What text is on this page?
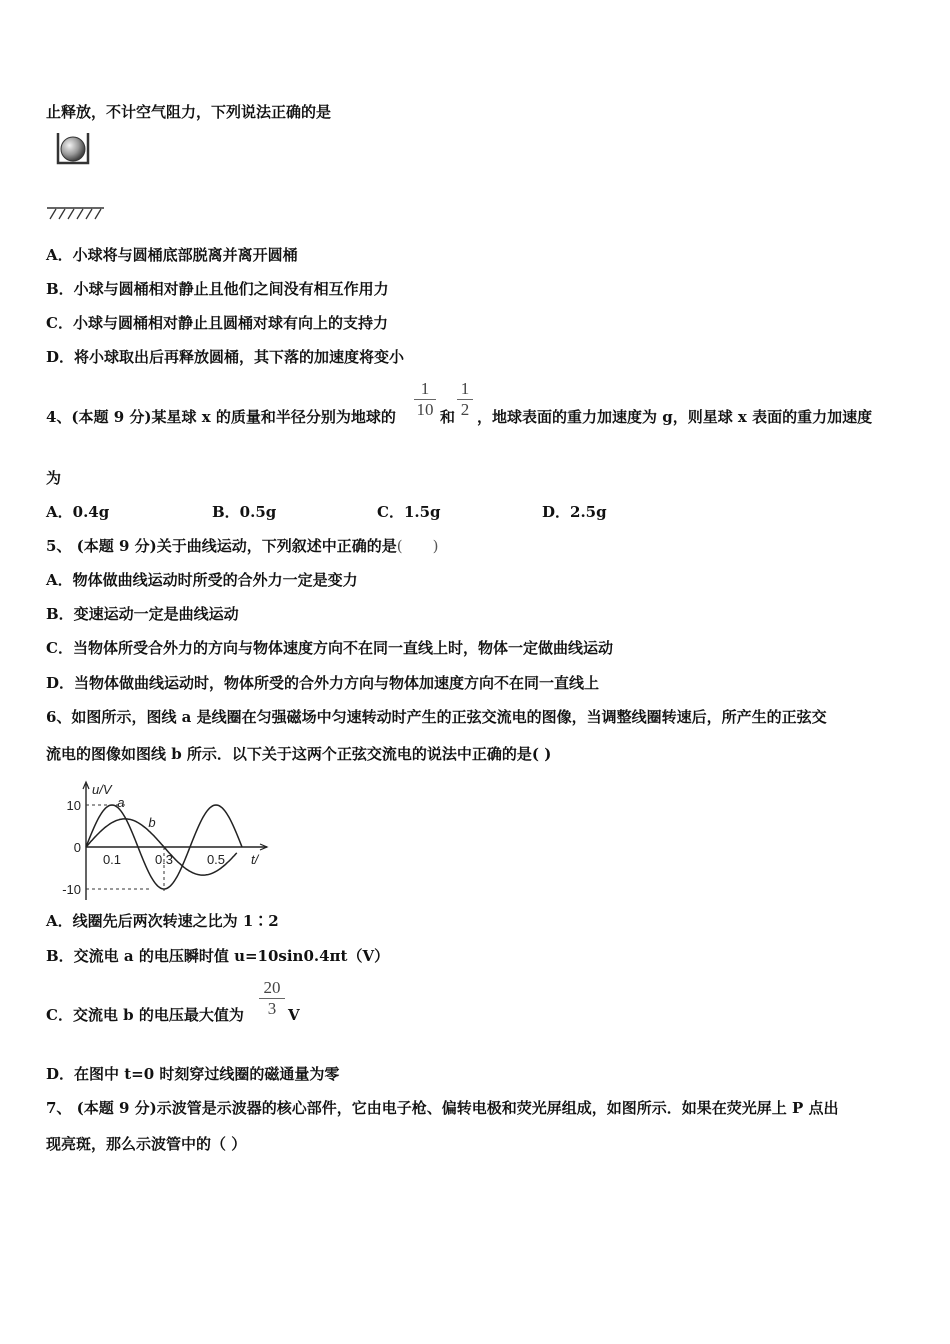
止释放，不计空气阻力，下列说法正确的是
A．小球将与圆桶底部脱离并离开圆桶
B．小球与圆桶相对静止且他们之间没有相互作用力
C．小球与圆桶相对静止且圆桶对球有向上的支持力
D．将小球取出后再释放圆桶，其下落的加速度将变小
4、(本题 9 分)某星球 x 的质量和半径分别为地球的
1
10 和
1
2 ，地球表面的重力加速度为 g，则星球 x 表面的重力加速度
为
A．0.4g	B．0.5g	C．1.5g	D．2.5g
5、 (本题 9 分)关于曲线运动，下列叙述中正确的是(　　)
A．物体做曲线运动时所受的合外力一定是变力
B．变速运动一定是曲线运动
C．当物体所受合外力的方向与物体速度方向不在同一直线上时，物体一定做曲线运动
D．当物体做曲线运动时，物体所受的合外力方向与物体加速度方向不在同一直线上
6、如图所示，图线 a 是线圈在匀强磁场中匀速转动时产生的正弦交流电的图像，当调整线圈转速后，所产生的正弦交
流电的图像如图线 b 所示．以下关于这两个正弦交流电的说法中正确的是( )
a
b
u/V
t/
10
0
-10
0.1	0.3	0.5
A．线圈先后两次转速之比为 1∶2
B．交流电 a 的电压瞬时值 u=10sin0.4πt（V）
C．交流电 b 的电压最大值为
20
3 V
D．在图中 t=0 时刻穿过线圈的磁通量为零
7、 (本题 9 分)示波管是示波器的核心部件，它由电子枪、偏转电极和荧光屏组成，如图所示．如果在荧光屏上 P 点出
现亮斑，那么示波管中的（ ）
